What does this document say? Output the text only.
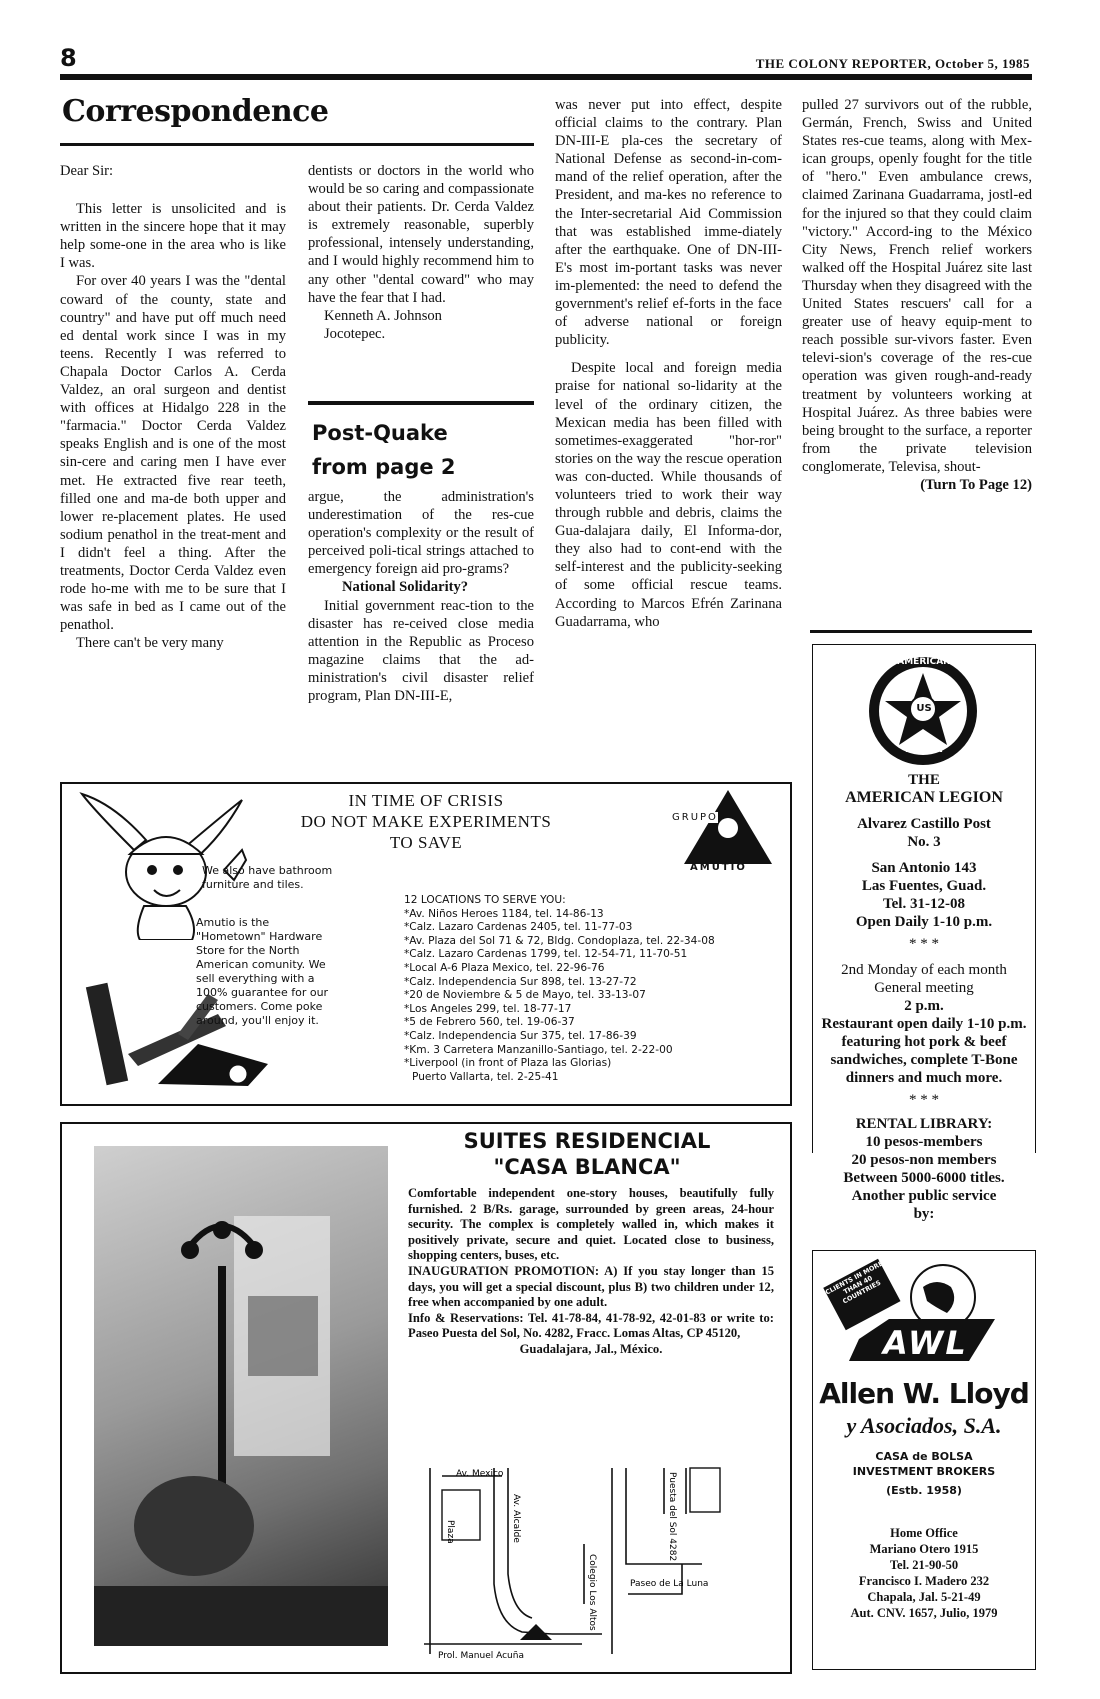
8	THE COLONY REPORTER, October 5, 1985
Correspondence

Dear Sir:

This letter is unsolicited and is written in the sincere hope that it may help some-one in the area who is like I was.

For over 40 years I was the "dental coward of the county, state and country" and have put off much need ed dental work since I was in my teens. Recently I was referred to Chapala Doctor Carlos A. Cerda Valdez, an oral surgeon and dentist with offices at Hidalgo 228 in the "farmacia." Doctor Cerda Valdez speaks English and is one of the most sin-cere and caring men I have ever met. He extracted five rear teeth, filled one and ma-de both upper and lower re-placement plates. He used sodium penathol in the treat-ment and I didn't feel a thing. After the treatments, Doctor Cerda Valdez even rode ho-me with me to be sure that I was safe in bed as I came out of the penathol.

There can't be very many

dentists or doctors in the world who would be so caring and compassionate about their patients. Dr. Cerda Valdez is extremely reasonable, superbly professional, intensely understanding, and I would highly recommend him to any other "dental coward" who may have the fear that I had.

Kenneth A. Johnson

Jocotepec.

Post-Quake
from page 2

argue, the administration's underestimation of the res-cue operation's complexity or the result of perceived poli-tical strings attached to emergency foreign aid pro-grams?

National Solidarity?

Initial government reac-tion to the disaster has re-ceived close media attention in the Republic as Proceso magazine claims that the ad-ministration's civil disaster relief program, Plan DN-III-E,

was never put into effect, despite official claims to the contrary. Plan DN-III-E pla-ces the secretary of National Defense as second-in-com-mand of the relief operation, after the President, and ma-kes no reference to the Inter-secretarial Aid Commission that was established imme-diately after the earthquake. One of DN-III-E's most im-portant tasks was never im-plemented: the need to defend the government's relief ef-forts in the face of adverse national or foreign publicity.

Despite local and foreign media praise for national so-lidarity at the level of the ordinary citizen, the Mexican media has been filled with sometimes-exaggerated "hor-ror" stories on the way the rescue operation was con-ducted. While thousands of volunteers tried to work their way through rubble and debris, claims the Gua-dalajara daily, El Informa-dor, they also had to cont-end with the self-interest and the publicity-seeking of some official rescue teams. According to Marcos Efrén Zarinana Guadarrama, who

pulled 27 survivors out of the rubble, Germán, French, Swiss and United States res-cue teams, along with Mex-ican groups, openly fought for the title of "hero." Even ambulance crews, claimed Zarinana Guadarrama, jostl-ed for the injured so that they could claim "victory." Accord-ing to the México City News, French relief workers walked off the Hospital Juárez site last Thursday when they disagreed with the United States rescuers' call for a greater use of heavy equip-ment to reach possible sur-vivors faster. Even televi-sion's coverage of the res-cue operation was given rough-and-ready treatment by volunteers working at Hospital Juárez. As three babies were being brought to the surface, a reporter from the private television conglomerate, Televisa, shout-

(Turn To Page 12)

IN TIME OF CRISIS
DO NOT MAKE EXPERIMENTS
TO SAVE
We also have bathroom furniture and tiles.
Amutio is the "Hometown" Hardware Store for the North American comunity. We sell everything with a 100% guarantee for our customers. Come poke around, you'll enjoy it.
GRUPO
AMUTIO
12 LOCATIONS TO SERVE YOU:
*Av. Niños Heroes 1184, tel. 14-86-13
*Calz. Lazaro Cardenas 2405, tel. 11-77-03
*Av. Plaza del Sol 71 & 72, Bldg. Condoplaza, tel. 22-34-08
*Calz. Lazaro Cardenas 1799, tel. 12-54-71, 11-70-51
*Local A-6 Plaza Mexico, tel. 22-96-76
*Calz. Independencia Sur 898, tel. 13-27-72
*20 de Noviembre & 5 de Mayo, tel. 33-13-07
*Los Angeles 299, tel. 18-77-17
*5 de Febrero 560, tel. 19-06-37
*Calz. Independencia Sur 375, tel. 17-86-39
*Km. 3 Carretera Manzanillo-Santiago, tel. 2-22-00
*Liverpool (in front of Plaza las Glorias)
Puerto Vallarta, tel. 2-25-41
SUITES RESIDENCIAL
"CASA BLANCA"
Comfortable independent one-story houses, beautifully fully furnished. 2 B/Rs. garage, surrounded by green areas, 24-hour security. The complex is completely walled in, which makes it positively private, secure and quiet. Located close to business, shopping centers, buses, etc.
INAUGURATION PROMOTION: A) If you stay longer than 15 days, you will get a special discount, plus B) two children under 12, free when accompanied by one adult.
Info & Reservations: Tel. 41-78-84, 41-78-92, 42-01-83 or write to: Paseo Puesta del Sol, No. 4282, Fracc. Lomas Altas, CP 45120,
Guadalajara, Jal., México.
Av. Mexico
Plaza	Av. Alcalde
Colegio Los Altos
Puesta del Sol 4282
Paseo de La Luna
Prol. Manuel Acuña
AMERICAN
US
LEGION
THE
AMERICAN LEGION
Alvarez Castillo Post
No. 3
San Antonio 143
Las Fuentes, Guad.
Tel. 31-12-08
Open Daily 1-10 p.m.
* * *
2nd Monday of each month
General meeting
2 p.m.
Restaurant open daily 1-10 p.m. featuring hot pork & beef sandwiches, complete T-Bone dinners and much more.
* * *
RENTAL LIBRARY:
10 pesos-members
20 pesos-non members
Between 5000-6000 titles.
Another public service
by:
CLIENTS IN MORE THAN 40 COUNTRIES
AWL
Allen W. Lloyd
y Asociados, S.A.
CASA de BOLSA
INVESTMENT BROKERS
(Estb. 1958)
Home Office
Mariano Otero 1915
Tel. 21-90-50
Francisco I. Madero 232
Chapala, Jal. 5-21-49
Aut. CNV. 1657, Julio, 1979
